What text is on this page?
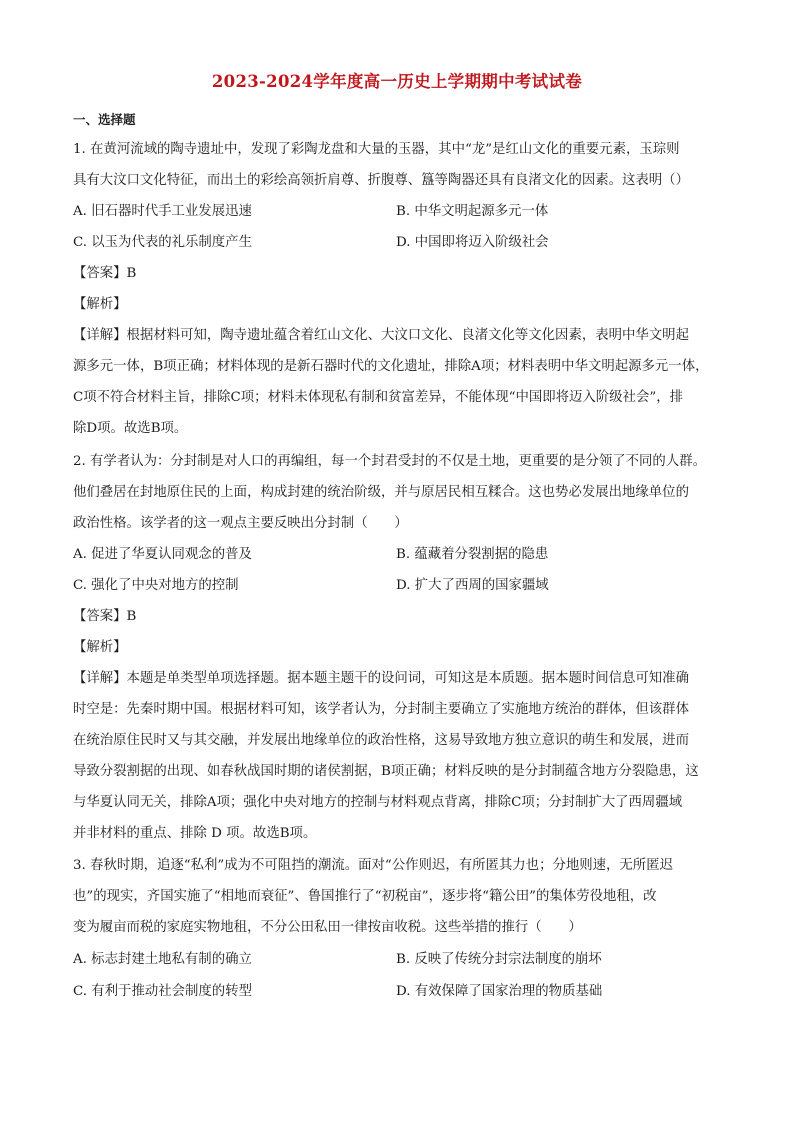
2023-2024学年度高一历史上学期期中考试试卷
一、选择题
1. 在黄河流域的陶寺遗址中，发现了彩陶龙盘和大量的玉器，其中“龙”是红山文化的重要元素，玉琮则
具有大汶口文化特征，而出土的彩绘高领折肩尊、折腹尊、簋等陶器还具有良渚文化的因素。这表明（）
A. 旧石器时代手工业发展迅速	B. 中华文明起源多元一体
C. 以玉为代表的礼乐制度产生	D. 中国即将迈入阶级社会
【答案】B
【解析】
【详解】根据材料可知，陶寺遗址蕴含着红山文化、大汶口文化、良渚文化等文化因素，表明中华文明起
源多元一体，B项正确；材料体现的是新石器时代的文化遗址，排除A项；材料表明中华文明起源多元一体，
C项不符合材料主旨，排除C项；材料未体现私有制和贫富差异，不能体现“中国即将迈入阶级社会”，排
除D项。故选B项。
2. 有学者认为：分封制是对人口的再编组，每一个封君受封的不仅是土地，更重要的是分领了不同的人群。
他们叠居在封地原住民的上面，构成封建的统治阶级，并与原居民相互糅合。这也势必发展出地缘单位的
政治性格。该学者的这一观点主要反映出分封制（　　）
A. 促进了华夏认同观念的普及	B. 蕴藏着分裂割据的隐患
C. 强化了中央对地方的控制	D. 扩大了西周的国家疆域
【答案】B
【解析】
【详解】本题是单类型单项选择题。据本题主题干的设问词，可知这是本质题。据本题时间信息可知准确
时空是：先秦时期中国。根据材料可知，该学者认为，分封制主要确立了实施地方统治的群体，但该群体
在统治原住民时又与其交融，并发展出地缘单位的政治性格，这易导致地方独立意识的萌生和发展，进而
导致分裂割据的出现、如春秋战国时期的诸侯割据，B项正确；材料反映的是分封制蕴含地方分裂隐患，这
与华夏认同无关，排除A项；强化中央对地方的控制与材料观点背离，排除C项；分封制扩大了西周疆域
并非材料的重点、排除 D 项。故选B项。
3. 春秋时期，追逐“私利”成为不可阻挡的潮流。面对“公作则迟，有所匿其力也；分地则速，无所匿迟
也”的现实，齐国实施了“相地而衰征”、鲁国推行了“初税亩”，逐步将“籍公田”的集体劳役地租，改
变为履亩而税的家庭实物地租，不分公田私田一律按亩收税。这些举措的推行（　　）
A. 标志封建土地私有制的确立	B. 反映了传统分封宗法制度的崩坏
C. 有利于推动社会制度的转型	D. 有效保障了国家治理的物质基础
